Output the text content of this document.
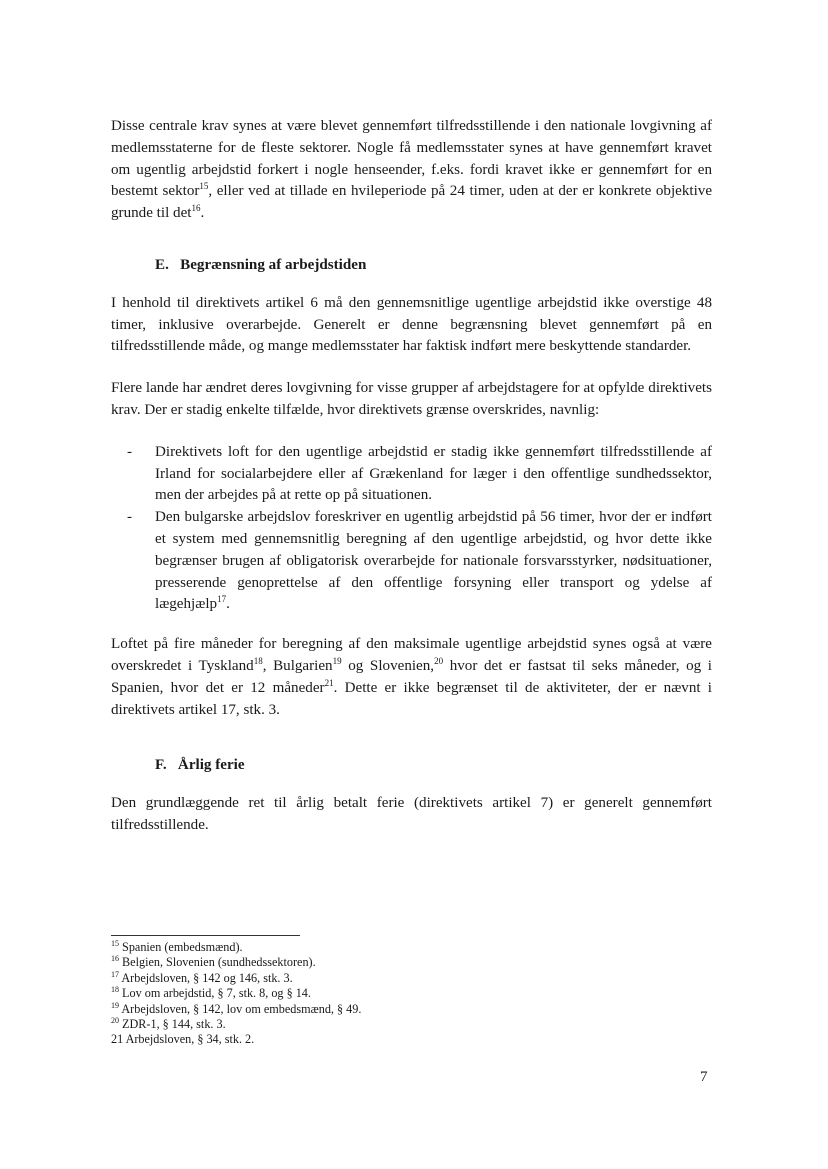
Disse centrale krav synes at være blevet gennemført tilfredsstillende i den nationale lovgivning af medlemsstaterne for de fleste sektorer. Nogle få medlemsstater synes at have gennemført kravet om ugentlig arbejdstid forkert i nogle henseender, f.eks. fordi kravet ikke er gennemført for en bestemt sektor$^{15}$, eller ved at tillade en hvileperiode på 24 timer, uden at der er konkrete objektive grunde til $\det^{16}$.

E.   Begrænsning af arbejdstiden

I henhold til direktivets artikel 6 må den gennemsnitlige ugentlige arbejdstid ikke overstige 48 timer, inklusive overarbejde. Generelt er denne begrænsning blevet gennemført på en tilfredsstillende måde, og mange medlemsstater har faktisk indført mere beskyttende standarder.

Flere lande har ændret deres lovgivning for visse grupper af arbejdstagere for at opfylde direktivets krav. Der er stadig enkelte tilfælde, hvor direktivets grænse overskrides, navnlig:

- Direktivets loft for den ugentlige arbejdstid er stadig ikke gennemført tilfredsstillende af Irland for socialarbejdere eller af Grækenland for læger i den offentlige sundhedssektor, men der arbejdes på at rette op på situationen.

- Den bulgarske arbejdslov foreskriver en ugentlig arbejdstid på 56 timer, hvor der er indført et system med gennemsnitlig beregning af den ugentlige arbejdstid, og hvor dette ikke begrænser brugen af obligatorisk overarbejde for nationale forsvarsstyrker, nødsituationer, presserende genoprettelse af den offentlige forsyning eller transport og ydelse af lægehjælp$^{17}$.

Loftet på fire måneder for beregning af den maksimale ugentlige arbejdstid synes også at være overskredet i Tyskland$^{18}$, Bulgarien$^{19}$ og Slovenien,$^{20}$ hvor det er fastsat til seks måneder, og i Spanien, hvor det er 12 måneder$^{21}$. Dette er ikke begrænset til de aktiviteter, der er nævnt i direktivets artikel 17, stk. 3.

F.   Årlig ferie

Den grundlæggende ret til årlig betalt ferie (direktivets artikel 7) er generelt gennemført tilfredsstillende.

$^{15}$ Spanien (embedsmænd).
$^{16}$ Belgien, Slovenien (sundhedssektoren).
$^{17}$ Arbejdsloven, § 142 og 146, stk. 3.
$^{18}$ Lov om arbejdstid, § 7, stk. 8, og § 14.
$^{19}$ Arbejdsloven, § 142, lov om embedsmænd, § 49.
$^{20}$ ZDR-1, § 144, stk. 3.
21 Arbejdsloven, § 34, stk. 2.
7
